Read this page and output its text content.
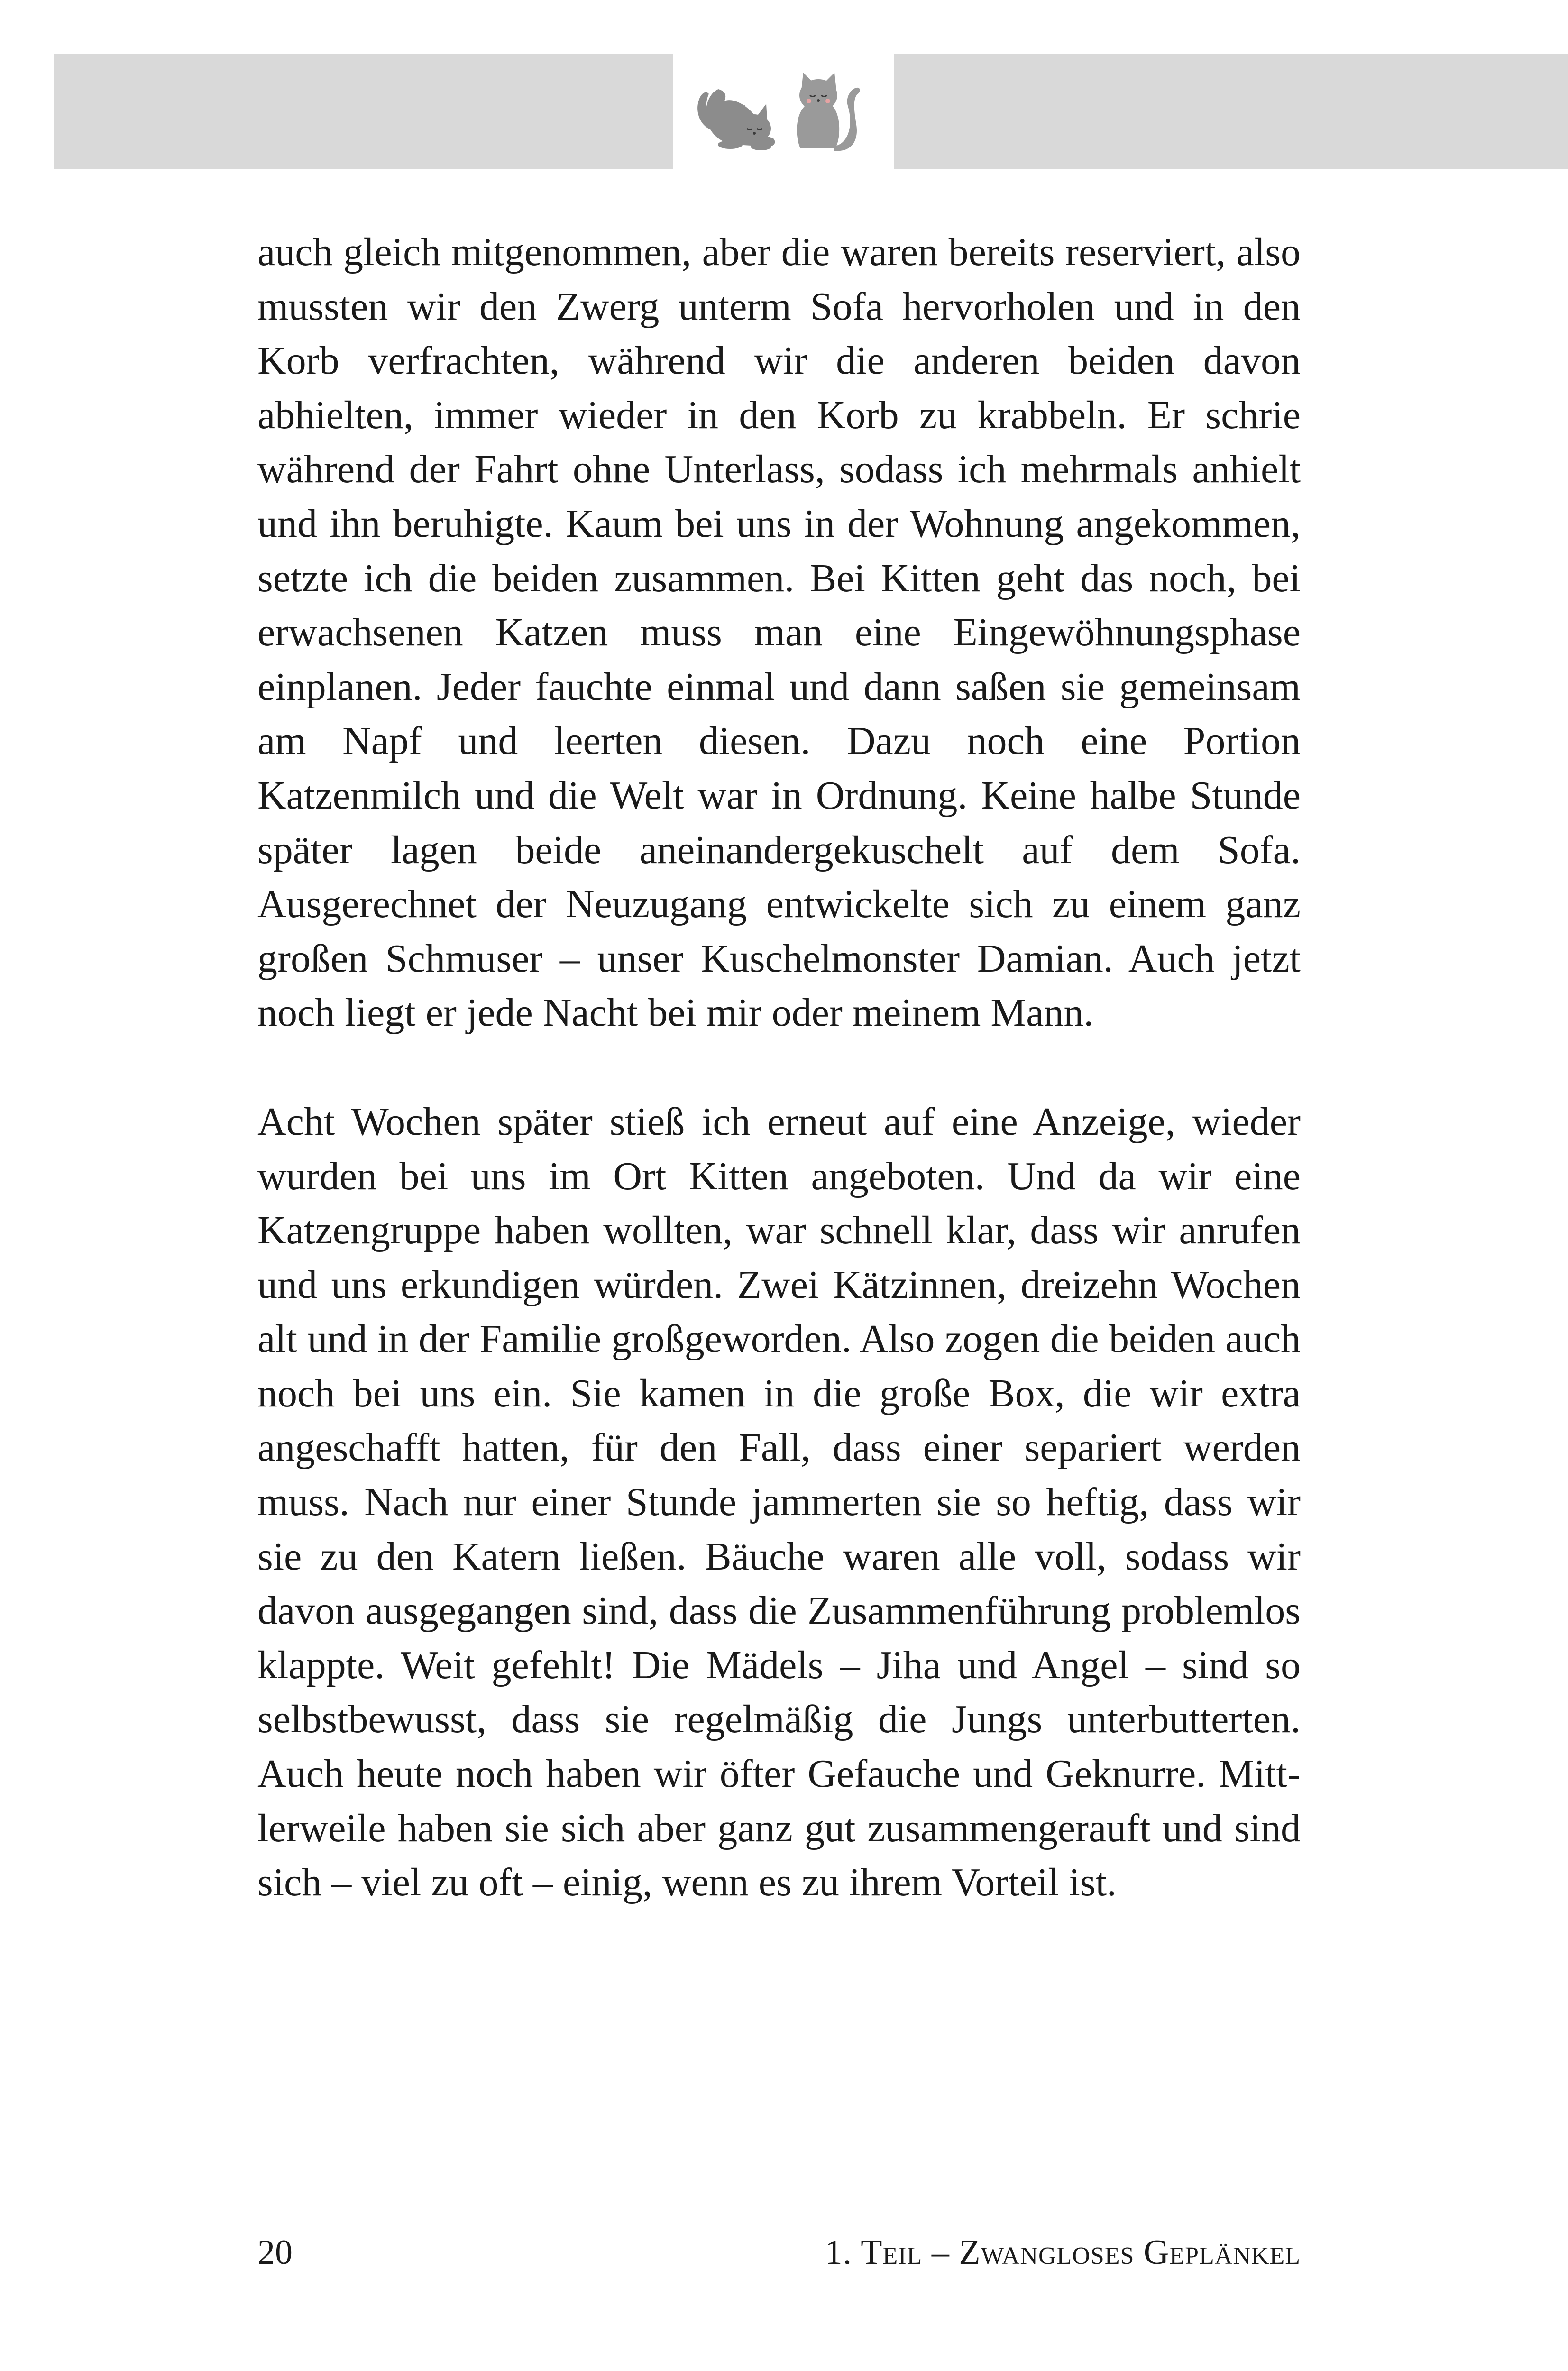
auch gleich mitgenommen, aber die waren bereits reserviert, also mussten wir den Zwerg unterm Sofa hervorholen und in den Korb verfrachten, während wir die anderen beiden davon abhielten, immer wieder in den Korb zu krabbeln. Er schrie während der Fahrt ohne Unterlass, sodass ich mehrmals anhielt und ihn beruhigte. Kaum bei uns in der Wohnung angekommen, setzte ich die beiden zusammen. Bei Kitten geht das noch, bei erwachsenen Katzen muss man eine Eingewöhnungsphase einplanen. Jeder fauchte einmal und dann saßen sie gemeinsam am Napf und leerten diesen. Dazu noch eine Portion Katzenmilch und die Welt war in Ordnung. Keine halbe Stunde später lagen beide aneinandergekuschelt auf dem Sofa. Ausgerechnet der Neuzugang entwickelte sich zu einem ganz großen Schmuser – unser Kuschelmonster Damian. Auch jetzt noch liegt er jede Nacht bei mir oder meinem Mann.

Acht Wochen später stieß ich erneut auf eine Anzeige, wieder wurden bei uns im Ort Kitten angeboten. Und da wir eine Katzengruppe haben wollten, war schnell klar, dass wir anrufen und uns erkundigen würden. Zwei Kätzinnen, dreizehn Wochen alt und in der Familie großgeworden. Also zogen die beiden auch noch bei uns ein. Sie kamen in die große Box, die wir extra angeschafft hatten, für den Fall, dass einer separiert werden muss. Nach nur einer Stunde jammerten sie so heftig, dass wir sie zu den Katern ließen. Bäuche waren alle voll, sodass wir davon ausgegangen sind, dass die Zusammenführung problemlos klappte. Weit gefehlt! Die Mädels – Jiha und Angel – sind so selbstbewusst, dass sie regelmäßig die Jungs unterbutterten. Auch heute noch haben wir öfter Gefauche und Geknurre. Mittlerweile haben sie sich aber ganz gut zusammengerauft und sind sich – viel zu oft – einig, wenn es zu ihrem Vorteil ist.

20	1. Teil – Zwangloses Geplänkel
